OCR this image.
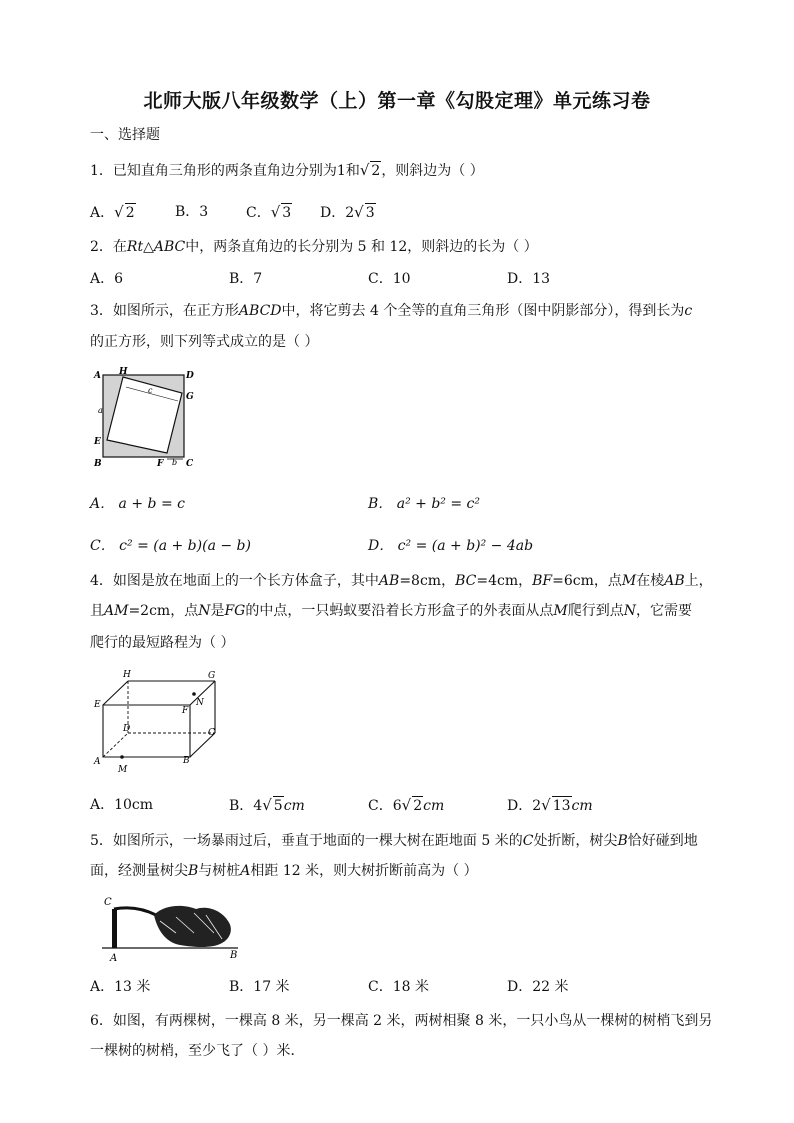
北师大版八年级数学（上）第一章《勾股定理》单元练习卷
一、选择题
1．已知直角三角形的两条直角边分别为1和√ 2，则斜边为（ ）
A．√ 2	B．3	C．√ 3 D．2√ 3
2．在Rt△ABC中，两条直角边的长分别为 5 和 12，则斜边的长为（ ）
A．6	B．7	C．10	D．13
3．如图所示，在正方形ABCD中，将它剪去 4 个全等的直角三角形（图中阴影部分），得到长为c
的正方形，则下列等式成立的是（ ）
A H	D
G
a
c
E
B	F b C
A． a + b = c	B． a² + b² = c²
C． c² = (a + b)(a − b)	D． c² = (a + b)² − 4ab
4．如图是放在地面上的一个长方体盒子，其中AB=8cm，BC=4cm，BF=6cm，点M在棱AB上，
且AM=2cm，点N是FG的中点，一只蚂蚁要沿着长方形盒子的外表面从点M爬行到点N，它需要
爬行的最短路程为（ ）
H	G
E
F
N
D	C
A
M
B
A．10cm	B．4√ 5cm	C．6√ 2cm	D．2√ 13cm
5．如图所示，一场暴雨过后，垂直于地面的一棵大树在距地面 5 米的C处折断，树尖B恰好碰到地
面，经测量树尖B与树桩A相距 12 米，则大树折断前高为（ ）
C
A	B
A．13 米	B．17 米	C．18 米	D．22 米
6．如图，有两棵树，一棵高 8 米，另一棵高 2 米，两树相聚 8 米，一只小鸟从一棵树的树梢飞到另
一棵树的树梢，至少飞了（ ）米．
